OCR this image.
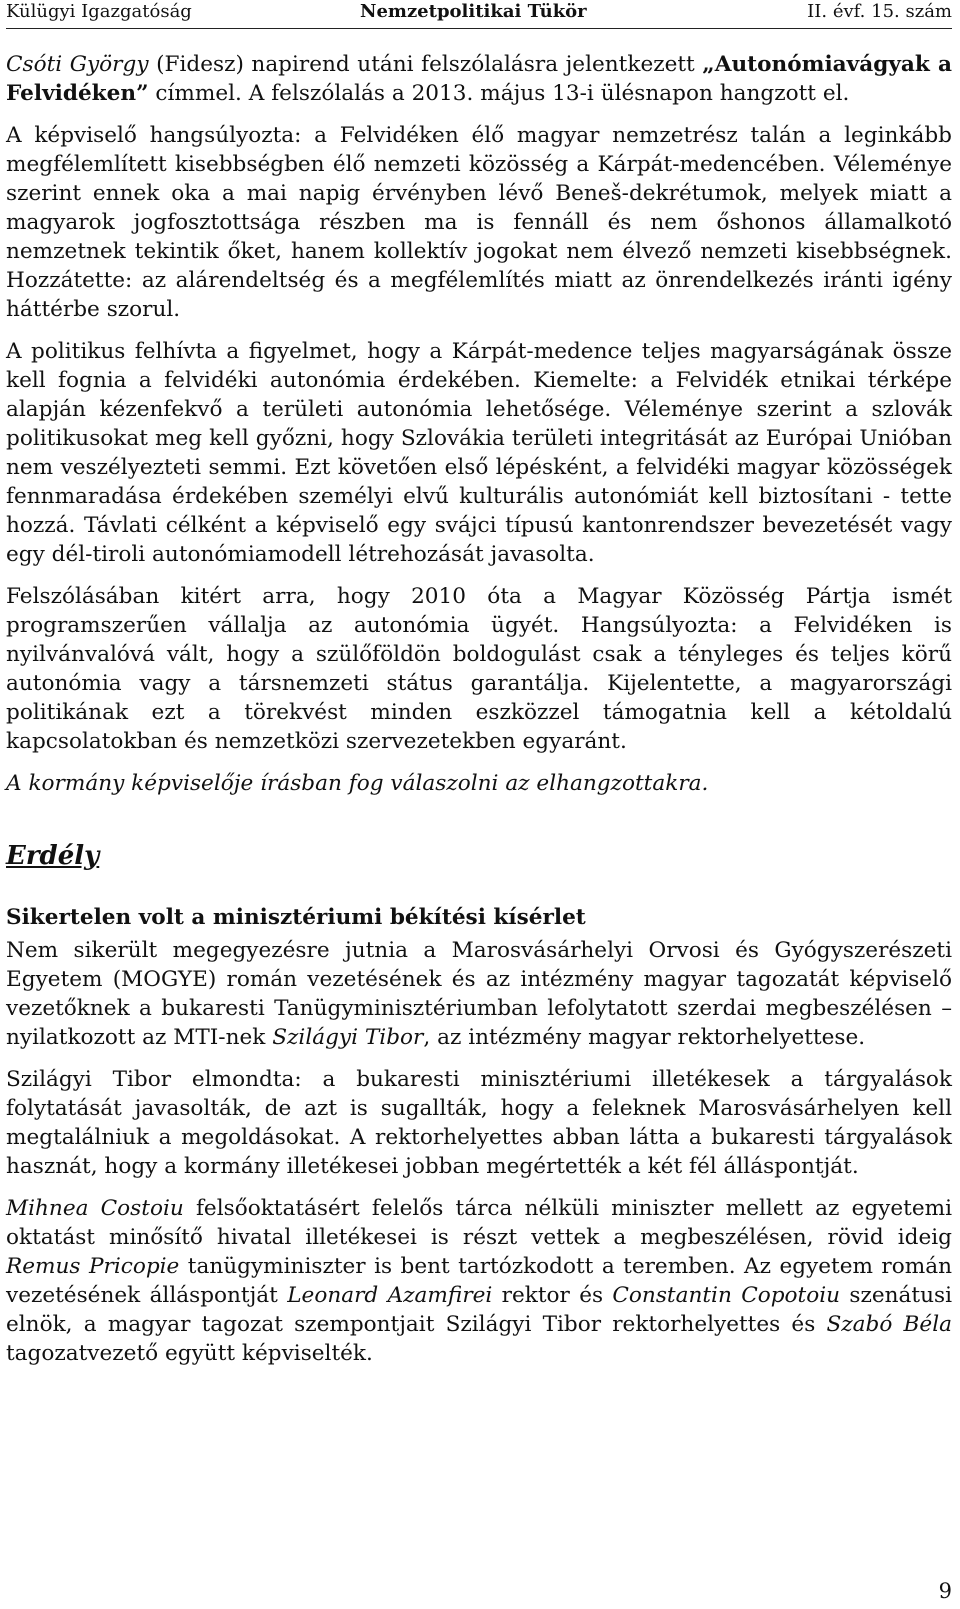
Külügyi Igazgatóság	Nemzetpolitikai Tükör	II. évf. 15. szám

Csóti György (Fidesz) napirend utáni felszólalásra jelentkezett „Autonómiavágyak a Felvidéken” címmel. A felszólalás a 2013. május 13-i ülésnapon hangzott el.

A képviselő hangsúlyozta: a Felvidéken élő magyar nemzetrész talán a leginkább megfélemlített kisebbségben élő nemzeti közösség a Kárpát-medencében. Véleménye szerint ennek oka a mai napig érvényben lévő Beneš-dekrétumok, melyek miatt a magyarok jogfosztottsága részben ma is fennáll és nem őshonos államalkotó nemzetnek tekintik őket, hanem kollektív jogokat nem élvező nemzeti kisebbségnek. Hozzátette: az alárendeltség és a megfélemlítés miatt az önrendelkezés iránti igény háttérbe szorul.

A politikus felhívta a figyelmet, hogy a Kárpát-medence teljes magyarságának össze kell fognia a felvidéki autonómia érdekében. Kiemelte: a Felvidék etnikai térképe alapján kézenfekvő a területi autonómia lehetősége. Véleménye szerint a szlovák politikusokat meg kell győzni, hogy Szlovákia területi integritását az Európai Unióban nem veszélyezteti semmi. Ezt követően első lépésként, a felvidéki magyar közösségek fennmaradása érdekében személyi elvű kulturális autonómiát kell biztosítani - tette hozzá. Távlati célként a képviselő egy svájci típusú kantonrendszer bevezetését vagy egy dél-tiroli autonómiamodell létrehozását javasolta.

Felszólásában kitért arra, hogy 2010 óta a Magyar Közösség Pártja ismét programszerűen vállalja az autonómia ügyét. Hangsúlyozta: a Felvidéken is nyilvánvalóvá vált, hogy a szülőföldön boldogulást csak a tényleges és teljes körű autonómia vagy a társnemzeti státus garantálja. Kijelentette, a magyarországi politikának ezt a törekvést minden eszközzel támogatnia kell a kétoldalú kapcsolatokban és nemzetközi szervezetekben egyaránt.

A kormány képviselője írásban fog válaszolni az elhangzottakra.

Erdély
Sikertelen volt a minisztériumi békítési kísérlet

Nem sikerült megegyezésre jutnia a Marosvásárhelyi Orvosi és Gyógyszerészeti Egyetem (MOGYE) román vezetésének és az intézmény magyar tagozatát képviselő vezetőknek a bukaresti Tanügyminisztériumban lefolytatott szerdai megbeszélésen – nyilatkozott az MTI-nek Szilágyi Tibor, az intézmény magyar rektorhelyettese.

Szilágyi Tibor elmondta: a bukaresti minisztériumi illetékesek a tárgyalások folytatását javasolták, de azt is sugallták, hogy a feleknek Marosvásárhelyen kell megtalálniuk a megoldásokat. A rektorhelyettes abban látta a bukaresti tárgyalások hasznát, hogy a kormány illetékesei jobban megértették a két fél álláspontját.

Mihnea Costoiu felsőoktatásért felelős tárca nélküli miniszter mellett az egyetemi oktatást minősítő hivatal illetékesei is részt vettek a megbeszélésen, rövid ideig Remus Pricopie tanügyminiszter is bent tartózkodott a teremben. Az egyetem román vezetésének álláspontját Leonard Azamfirei rektor és Constantin Copotoiu szenátusi elnök, a magyar tagozat szempontjait Szilágyi Tibor rektorhelyettes és Szabó Béla tagozatvezető együtt képviselték.

9
